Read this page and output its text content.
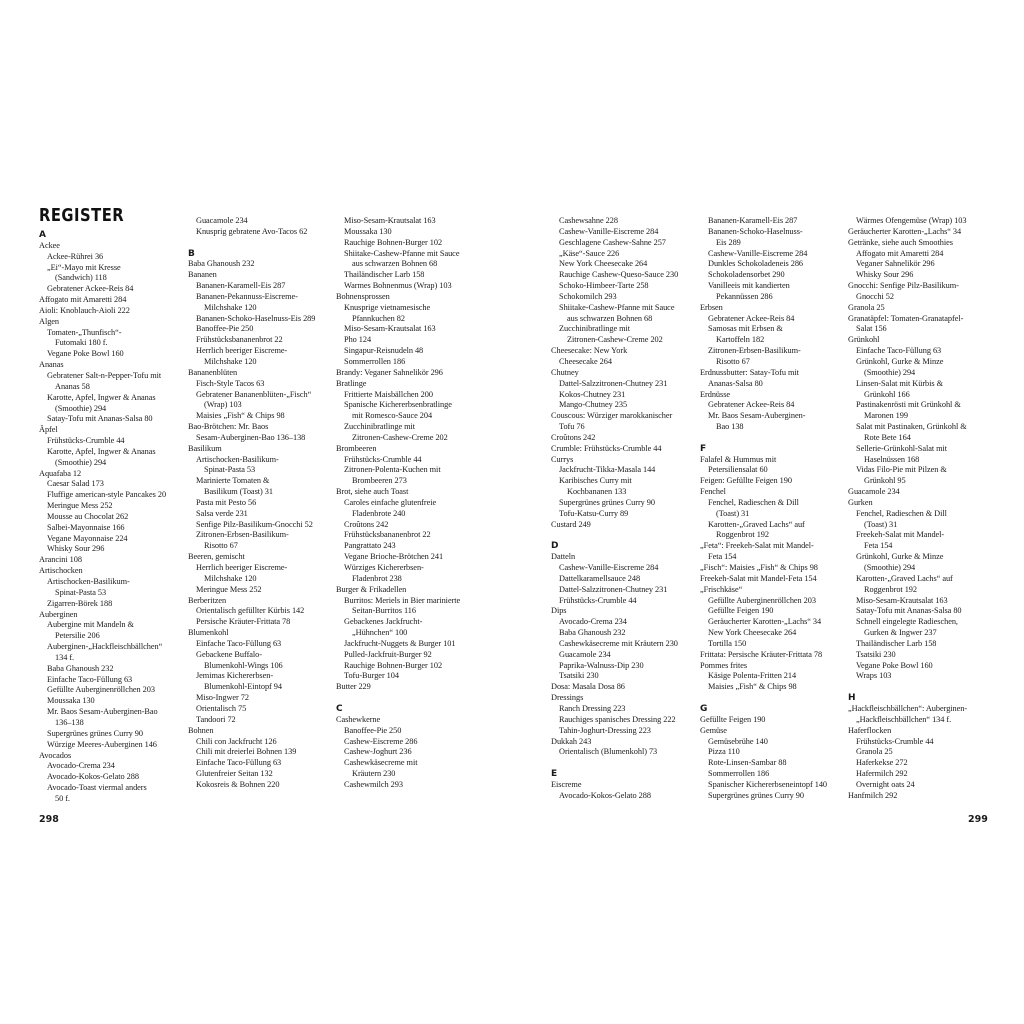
REGISTER
A
Ackee
Ackee-Rührei 36
„Ei“-Mayo mit Kresse
(Sandwich) 118
Gebratener Ackee-Reis 84
Affogato mit Amaretti 284
Aioli: Knoblauch-Aioli 222
Algen
Tomaten-„Thunfisch“-
Futomaki 180 f.
Vegane Poke Bowl 160
Ananas
Gebratener Salt-n-Pepper-Tofu mit
Ananas 58
Karotte, Apfel, Ingwer & Ananas
(Smoothie) 294
Satay-Tofu mit Ananas-Salsa 80
Äpfel
Frühstücks-Crumble 44
Karotte, Apfel, Ingwer & Ananas
(Smoothie) 294
Aquafaba 12
Caesar Salad 173
Fluffige american-style Pancakes 20
Meringue Mess 252
Mousse au Chocolat 262
Salbei-Mayonnaise 166
Vegane Mayonnaise 224
Whisky Sour 296
Arancini 108
Artischocken
Artischocken-Basilikum-
Spinat-Pasta 53
Zigarren-Börek 188
Auberginen
Aubergine mit Mandeln &
Petersilie 206
Auberginen-„Hackfleischbällchen“
134 f.
Baba Ghanoush 232
Einfache Taco-Füllung 63
Gefüllte Auberginenröllchen 203
Moussaka 130
Mr. Baos Sesam-Auberginen-Bao
136–138
Supergrünes grünes Curry 90
Würzige Meeres-Auberginen 146
Avocados
Avocado-Crema 234
Avocado-Kokos-Gelato 288
Avocado-Toast viermal anders
50 f.
Guacamole 234
Knusprig gebratene Avo-Tacos 62
B
Baba Ghanoush 232
Bananen
Bananen-Karamell-Eis 287
Bananen-Pekannuss-Eiscreme-
Milchshake 120
Bananen-Schoko-Haselnuss-Eis 289
Banoffee-Pie 250
Frühstücksbananenbrot 22
Herrlich beeriger Eiscreme-
Milchshake 120
Bananenblüten
Fisch-Style Tacos 63
Gebratener Bananenblüten-„Fisch“
(Wrap) 103
Maisies „Fish“ & Chips 98
Bao-Brötchen: Mr. Baos
Sesam-Auberginen-Bao 136–138
Basilikum
Artischocken-Basilikum-
Spinat-Pasta 53
Marinierte Tomaten &
Basilikum (Toast) 31
Pasta mit Pesto 56
Salsa verde 231
Senfige Pilz-Basilikum-Gnocchi 52
Zitronen-Erbsen-Basilikum-
Risotto 67
Beeren, gemischt
Herrlich beeriger Eiscreme-
Milchshake 120
Meringue Mess 252
Berberitzen
Orientalisch gefüllter Kürbis 142
Persische Kräuter-Frittata 78
Blumenkohl
Einfache Taco-Füllung 63
Gebackene Buffalo-
Blumenkohl-Wings 106
Jemimas Kichererbsen-
Blumenkohl-Eintopf 94
Miso-Ingwer 72
Orientalisch 75
Tandoori 72
Bohnen
Chili con Jackfrucht 126
Chili mit dreierlei Bohnen 139
Einfache Taco-Füllung 63
Glutenfreier Seitan 132
Kokosreis & Bohnen 220
Miso-Sesam-Krautsalat 163
Moussaka 130
Rauchige Bohnen-Burger 102
Shiitake-Cashew-Pfanne mit Sauce
aus schwarzen Bohnen 68
Thailändischer Larb 158
Warmes Bohnenmus (Wrap) 103
Bohnensprossen
Knusprige vietnamesische
Pfannkuchen 82
Miso-Sesam-Krautsalat 163
Pho 124
Singapur-Reisnudeln 48
Sommerrollen 186
Brandy: Veganer Sahnelikör 296
Bratlinge
Frittierte Maisbällchen 200
Spanische Kichererbsenbratlinge
mit Romesco-Sauce 204
Zucchinibratlinge mit
Zitronen-Cashew-Creme 202
Brombeeren
Frühstücks-Crumble 44
Zitronen-Polenta-Kuchen mit
Brombeeren 273
Brot, siehe auch Toast
Caroles einfache glutenfreie
Fladenbrote 240
Croûtons 242
Frühstücksbananenbrot 22
Pangrattato 243
Vegane Brioche-Brötchen 241
Würziges Kichererbsen-
Fladenbrot 238
Burger & Frikadellen
Burritos: Meriels in Bier marinierte
Seitan-Burritos 116
Gebackenes Jackfrucht-
„Hühnchen“ 100
Jackfrucht-Nuggets & Burger 101
Pulled-Jackfruit-Burger 92
Rauchige Bohnen-Burger 102
Tofu-Burger 104
Butter 229
C
Cashewkerne
Banoffee-Pie 250
Cashew-Eiscreme 286
Cashew-Joghurt 236
Cashewkäsecreme mit
Kräutern 230
Cashewmilch 293
Cashewsahne 228
Cashew-Vanille-Eiscreme 284
Geschlagene Cashew-Sahne 257
„Käse“-Sauce 226
New York Cheesecake 264
Rauchige Cashew-Queso-Sauce 230
Schoko-Himbeer-Tarte 258
Schokomilch 293
Shiitake-Cashew-Pfanne mit Sauce
aus schwarzen Bohnen 68
Zucchinibratlinge mit
Zitronen-Cashew-Creme 202
Cheesecake: New York
Cheesecake 264
Chutney
Dattel-Salzzitronen-Chutney 231
Kokos-Chutney 231
Mango-Chutney 235
Couscous: Würziger marokkanischer
Tofu 76
Croûtons 242
Crumble: Frühstücks-Crumble 44
Currys
Jackfrucht-Tikka-Masala 144
Karibisches Curry mit
Kochbananen 133
Supergrünes grünes Curry 90
Tofu-Katsu-Curry 89
Custard 249
D
Datteln
Cashew-Vanille-Eiscreme 284
Dattelkaramellsauce 248
Dattel-Salzzitronen-Chutney 231
Frühstücks-Crumble 44
Dips
Avocado-Crema 234
Baba Ghanoush 232
Cashewkäsecreme mit Kräutern 230
Guacamole 234
Paprika-Walnuss-Dip 230
Tsatsiki 230
Dosa: Masala Dosa 86
Dressings
Ranch Dressing 223
Rauchiges spanisches Dressing 222
Tahin-Joghurt-Dressing 223
Dukkah 243
Orientalisch (Blumenkohl) 73
E
Eiscreme
Avocado-Kokos-Gelato 288
Bananen-Karamell-Eis 287
Bananen-Schoko-Haselnuss-
Eis 289
Cashew-Vanille-Eiscreme 284
Dunkles Schokoladeneis 286
Schokoladensorbet 290
Vanilleeis mit kandierten
Pekannüssen 286
Erbsen
Gebratener Ackee-Reis 84
Samosas mit Erbsen &
Kartoffeln 182
Zitronen-Erbsen-Basilikum-
Risotto 67
Erdnussbutter: Satay-Tofu mit
Ananas-Salsa 80
Erdnüsse
Gebratener Ackee-Reis 84
Mr. Baos Sesam-Auberginen-
Bao 138
F
Falafel & Hummus mit
Petersiliensalat 60
Feigen: Gefüllte Feigen 190
Fenchel
Fenchel, Radieschen & Dill
(Toast) 31
Karotten-„Graved Lachs“ auf
Roggenbrot 192
„Feta“: Freekeh-Salat mit Mandel-
Feta 154
„Fisch“: Maisies „Fish“ & Chips 98
Freekeh-Salat mit Mandel-Feta 154
„Frischkäse“
Gefüllte Auberginenröllchen 203
Gefüllte Feigen 190
Geräucherter Karotten-„Lachs“ 34
New York Cheesecake 264
Tortilla 150
Frittata: Persische Kräuter-Frittata 78
Pommes frites
Käsige Polenta-Fritten 214
Maisies „Fish“ & Chips 98
G
Gefüllte Feigen 190
Gemüse
Gemüsebrühe 140
Pizza 110
Rote-Linsen-Sambar 88
Sommerrollen 186
Spanischer Kichererbseneintopf 140
Supergrünes grünes Curry 90
Wärmes Ofengemüse (Wrap) 103
Geräucherter Karotten-„Lachs“ 34
Getränke, siehe auch Smoothies
Affogato mit Amaretti 284
Veganer Sahnelikör 296
Whisky Sour 296
Gnocchi: Senfige Pilz-Basilikum-
Gnocchi 52
Granola 25
Granatäpfel: Tomaten-Granatapfel-
Salat 156
Grünkohl
Einfache Taco-Füllung 63
Grünkohl, Gurke & Minze
(Smoothie) 294
Linsen-Salat mit Kürbis &
Grünkohl 166
Pastinakenrösti mit Grünkohl &
Maronen 199
Salat mit Pastinaken, Grünkohl &
Rote Bete 164
Sellerie-Grünkohl-Salat mit
Haselnüssen 168
Vidas Filo-Pie mit Pilzen &
Grünkohl 95
Guacamole 234
Gurken
Fenchel, Radieschen & Dill
(Toast) 31
Freekeh-Salat mit Mandel-
Feta 154
Grünkohl, Gurke & Minze
(Smoothie) 294
Karotten-„Graved Lachs“ auf
Roggenbrot 192
Miso-Sesam-Krautsalat 163
Satay-Tofu mit Ananas-Salsa 80
Schnell eingelegte Radieschen,
Gurken & Ingwer 237
Thailändischer Larb 158
Tsatsiki 230
Vegane Poke Bowl 160
Wraps 103
H
„Hackfleischbällchen“: Auberginen-
„Hackfleischbällchen“ 134 f.
Haferflocken
Frühstücks-Crumble 44
Granola 25
Haferkekse 272
Hafermilch 292
Overnight oats 24
Hanfmilch 292
298	299
